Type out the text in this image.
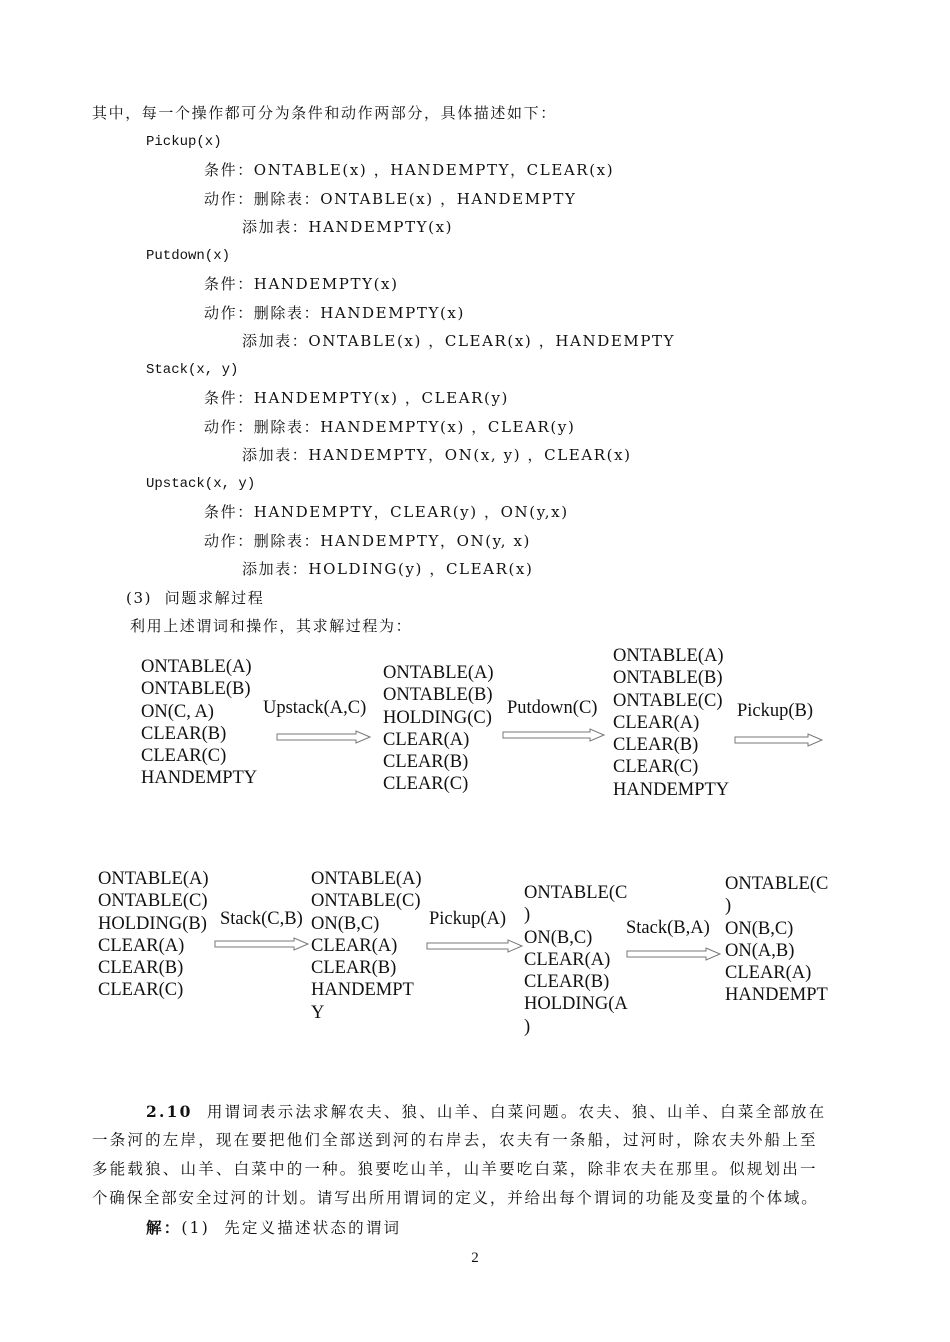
其中，每一个操作都可分为条件和动作两部分，具体描述如下：
Pickup(x)
条件：ONTABLE(x) ，HANDEMPTY，CLEAR(x)
动作：删除表：ONTABLE(x) ，HANDEMPTY
添加表：HANDEMPTY(x)
Putdown(x)
条件：HANDEMPTY(x)
动作：删除表：HANDEMPTY(x)
添加表：ONTABLE(x) ，CLEAR(x) ，HANDEMPTY
Stack(x, y)
条件：HANDEMPTY(x) ，CLEAR(y)
动作：删除表：HANDEMPTY(x) ，CLEAR(y)
添加表：HANDEMPTY，ON(x, y) ，CLEAR(x)
Upstack(x, y)
条件：HANDEMPTY，CLEAR(y) ，ON(y,x)
动作：删除表：HANDEMPTY，ON(y, x)
添加表：HOLDING(y) ，CLEAR(x)
(3)  问题求解过程
利用上述谓词和操作，其求解过程为：
ONTABLE(A)
ONTABLE(B)
ON(C, A)
CLEAR(B)
CLEAR(C)
HANDEMPTY
Upstack(A,C)
ONTABLE(A)
ONTABLE(B)
HOLDING(C)
CLEAR(A)
CLEAR(B)
CLEAR(C)
Putdown(C)
ONTABLE(A)
ONTABLE(B)
ONTABLE(C)
CLEAR(A)
CLEAR(B)
CLEAR(C)
HANDEMPTY
Pickup(B)
ONTABLE(A)
ONTABLE(C)
HOLDING(B)
CLEAR(A)
CLEAR(B)
CLEAR(C)
Stack(C,B)
ONTABLE(A)
ONTABLE(C)
ON(B,C)
CLEAR(A)
CLEAR(B)
HANDEMPT
Y
Pickup(A)
ONTABLE(C
)
ON(B,C)
CLEAR(A)
CLEAR(B)
HOLDING(A
)
Stack(B,A)
ONTABLE(C
)
ON(B,C)
ON(A,B)
CLEAR(A)
HANDEMPT
2.10 用谓词表示法求解农夫、狼、山羊、白菜问题。农夫、狼、山羊、白菜全部放在
一条河的左岸，现在要把他们全部送到河的右岸去，农夫有一条船，过河时，除农夫外船上至
多能载狼、山羊、白菜中的一种。狼要吃山羊，山羊要吃白菜，除非农夫在那里。似规划出一
个确保全部安全过河的计划。请写出所用谓词的定义，并给出每个谓词的功能及变量的个体域。
解：(1)  先定义描述状态的谓词
2
